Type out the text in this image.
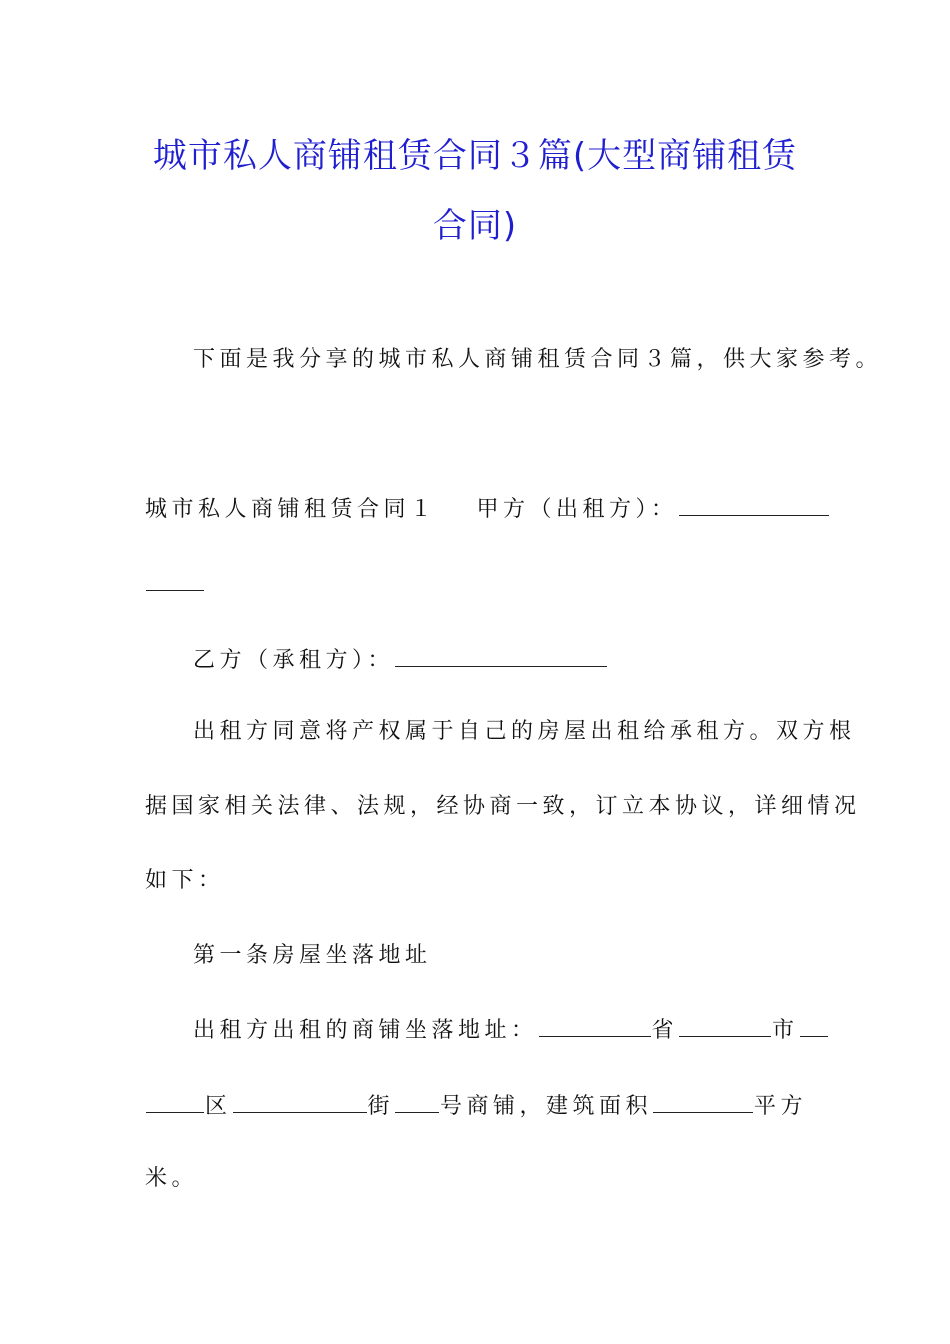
城市私人商铺租赁合同３篇(大型商铺租赁
合同)
下面是我分享的城市私人商铺租赁合同３篇，供大家参考。
城市私人商铺租赁合同１ 甲方（出租方）：
乙方（承租方）：
出租方同意将产权属于自己的房屋出租给承租方。双方根
据国家相关法律、法规，经协商一致，订立本协议，详细情况
如下：
第一条房屋坐落地址
出租方出租的商铺坐落地址：	省	市
区	街 号商铺，建筑面积	平方
米。
